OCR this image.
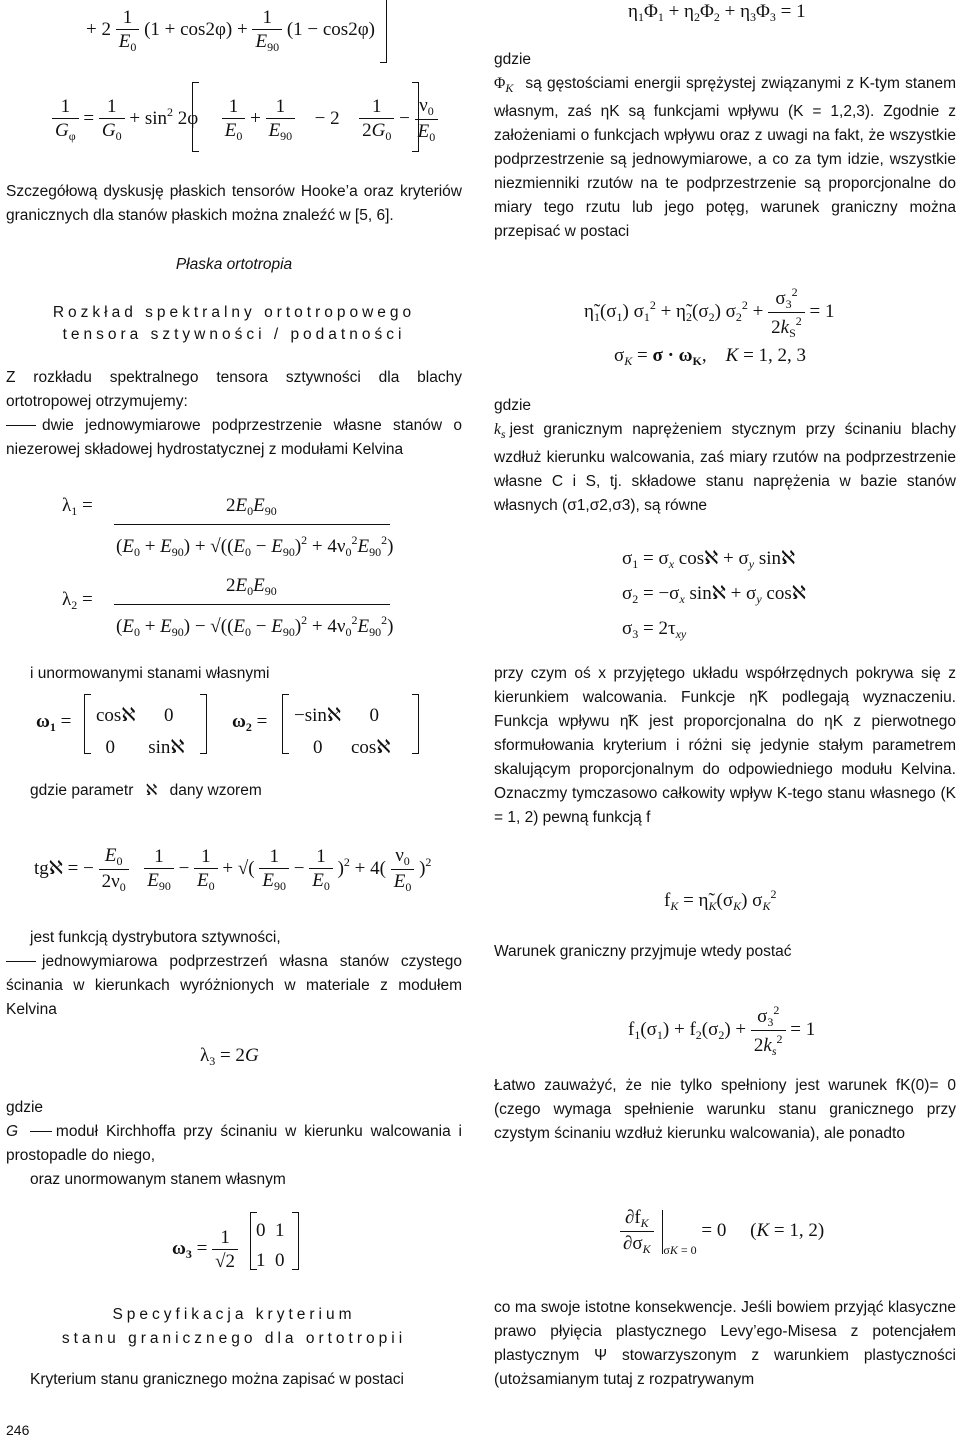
+ $2 \frac{1}{E_0} (1 + \cos 2\varphi) + \frac{1}{E_{90}} (1 - \cos 2\varphi)$
$\frac{1}{G_\varphi} = \frac{1}{G_0} + \sin^2 2\varphi \frac{1}{E_0} + \frac{1}{E_{90}} - 2 \frac{1}{2G_0} - \frac{\nu_0}{E_0}$
Szczegółową dyskusję płaskich tensorów Hooke’a oraz kryteriów granicznych dla stanów płaskich można znaleźć w [5, 6].
Płaska ortotropia
Rozkład spektralny ortotropowego
tensora sztywności / podatności
Z rozkładu spektralnego tensora sztywności dla blachy ortotropowej otrzymujemy:
dwie jednowymiarowe podprzestrzenie własne stanów o niezerowej składowej hydrostatycznej z modułami Kelvina
$\lambda_1$ =	$2E_0E_{90}$
$(E_0 + E_{90}) + √((E_0 - E_{90})^2 + 4\nu_0^2E_{90}^2)$
$\lambda_2$ =
$2E_0E_{90}$
$(E_0 + E_{90}) - √((E_0 - E_{90})^2 + 4\nu_0^2E_{90}^2)$
i unormowanymi stanami własnymi
$\omega_1$ = cosℵ      0
0       sinℵ
$\omega_2$ = −sinℵ      0
0      cosℵ
gdzie parametr ℵ dany wzorem
tgℵ = − $\frac{E_0}{2\nu_0}$
$\frac{1}{E_{90}} - \frac{1}{E_0}$ + √( $\frac{1}{E_{90}} - \frac{1}{E_0} )^2 + 4( \frac{\nu_0}{E_0} )^2$
jest funkcją dystrybutora sztywności,
jednowymiarowa podprzestrzeń własna stanów czystego ścinania w kierunkach wyróżnionych w materiale z modułem Kelvina
$\lambda_3 = 2G$
gdzie
G moduł Kirchhoffa przy ścinaniu w kierunku walcowania i prostopadle do niego,
oraz unormowanym stanem własnym
$\omega_3 = \frac{1}{√2} 0$  1
1  0
Specyfikacja kryterium
stanu granicznego dla ortotropii
Kryterium stanu granicznego można zapisać w postaci
246
$\eta_1\Phi_1 + \eta_2\Phi_2 + \eta_3\Phi_3 = 1$
gdzie
$\Phi_K$ są gęstościami energii sprężystej związanymi z K-tym stanem własnym, zaś ηK są funkcjami wpływu (K = 1,2,3). Zgodnie z założeniami o funkcjach wpływu oraz z uwagi na fakt, że wszystkie podprzestrzenie są jednowymiarowe, a co za tym idzie, wszystkie niezmienniki rzutów na te podprzestrzenie są proporcjonalne do miary tego rzutu lub jego potęg, warunek graniczny można przepisać w postaci
$\etã_1(\sigma_1) \sigma_1^2$ + $\etã_2(\sigma_2) \sigma_2^2 + \frac{\sigma_3^2}{2k_S^2} = 1$
$\sigma_K = \sigma \cdot \omega_K$,    K = 1, 2, 3
gdzie
$k_s$ jest granicznym naprężeniem stycznym przy ścinaniu blachy wzdłuż kierunku walcowania, zaś miary rzutów na podprzestrzenie własne C i S, tj. składowe stanu naprężenia w bazie stanów własnych (σ1,σ2,σ3), są równe
$\sigma_1 = \sigma_x$ cosℵ + $\sigma_y$ sinℵ
$\sigma_2 = -\sigma_x$ sinℵ + $\sigma_y$ cosℵ
$\sigma_3 = 2\tau_{xy}$
przy czym oś x przyjętego układu współrzędnych pokrywa się z kierunkiem walcowania. Funkcje η̃K podlegają wyznaczeniu. Funkcja wpływu η̃K jest proporcjonalna do ηK z pierwotnego sformułowania kryterium i różni się jedynie stałym parametrem skalującym proporcjonalnym do odpowiedniego modułu Kelvina. Oznaczmy tymczasowo całkowity wpływ K-tego stanu własnego (K = 1, 2) pewną funkcją f
$f_K$ = $\etã_K(\sigma_K)$ $\sigma_K^2$
Warunek graniczny przyjmuje wtedy postać
$f_1(\sigma_1) + f_2(\sigma_2) + \frac{\sigma_3^2}{2k_s^2} = 1$
Łatwo zauważyć, że nie tylko spełniony jest warunek fK(0)= 0 (czego wymaga spełnienie warunku stanu granicznego przy czystym ścinaniu wzdłuż kierunku walcowania), ale ponadto
$\frac{\partial f_K}{\partial\sigma_K} _{\sigma K = 0} = 0$     (K = 1, 2)
co ma swoje istotne konsekwencje. Jeśli bowiem przyjąć klasyczne prawo płyięcia plastycznego Levy’ego-Misesa z potencjałem plastycznym Ψ stowarzyszonym z warunkiem plastyczności (utożsamianym tutaj z rozpatrywanym
